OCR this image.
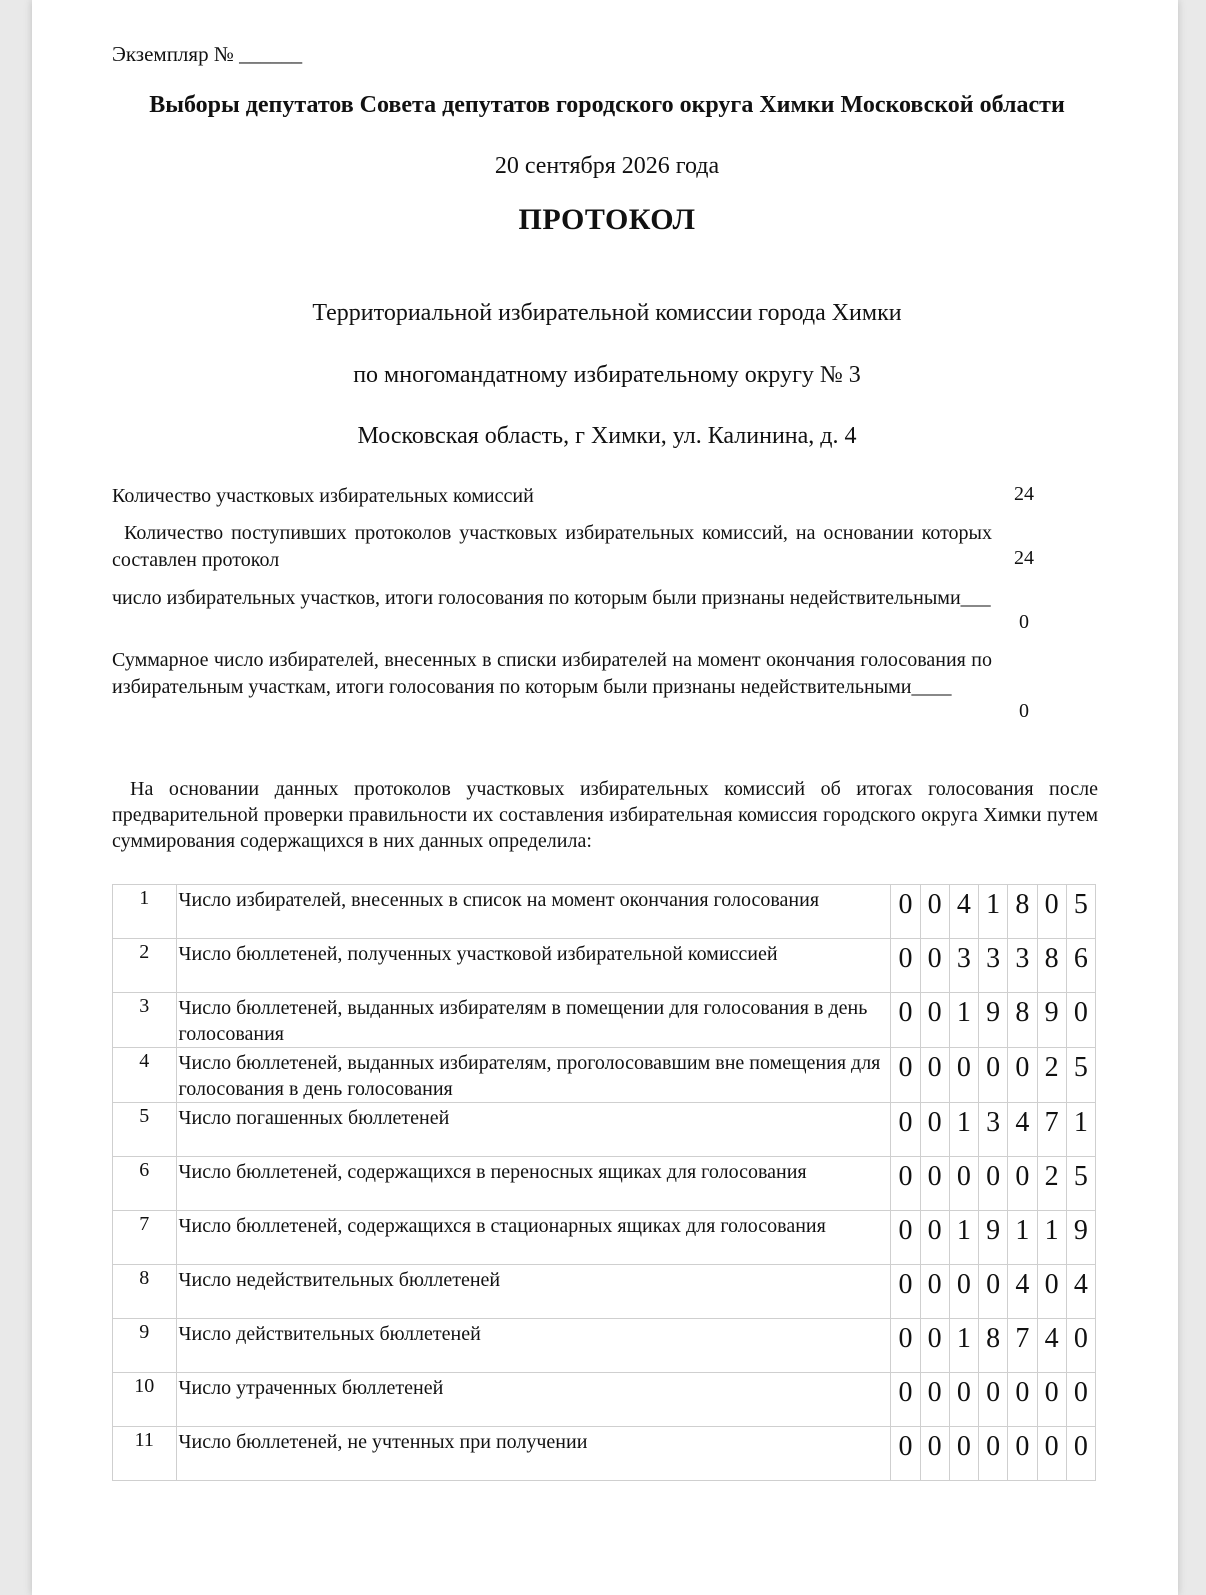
Экземпляр № ______
Выборы депутатов Совета депутатов городского округа Химки Московской области
20 сентября 2026 года
ПРОТОКОЛ
Территориальной избирательной комиссии города Химки
по многомандатному избирательному округу № 3
Московская область, г Химки, ул. Калинина, д. 4
Количество участковых избирательных комиссий	24
Количество поступивших протоколов участковых избирательных комиссий, на основании которых составлен протокол	24
число избирательных участков, итоги голосования по которым были признаны недействительными___
0
Суммарное число избирателей, внесенных в списки избирателей на момент окончания голосования по избирательным участкам, итоги голосования по которым были признаны недействительными____
0
На основании данных протоколов участковых избирательных комиссий об итогах голосования после предварительной проверки правильности их составления избирательная комиссия городского округа Химки путем суммирования содержащихся в них данных определила:
1	Число избирателей, внесенных в список на момент окончания голосования	0	0	4	1	8	0	5
2	Число бюллетеней, полученных участковой избирательной комиссией	0	0	3	3	3	8	6
3	Число бюллетеней, выданных избирателям в помещении для голосования в день голосования	0	0	1	9	8	9	0
4	Число бюллетеней, выданных избирателям, проголосовавшим вне помещения для голосования в день голосования	0	0	0	0	0	2	5
5	Число погашенных бюллетеней	0	0	1	3	4	7	1
6	Число бюллетеней, содержащихся в переносных ящиках для голосования	0	0	0	0	0	2	5
7	Число бюллетеней, содержащихся в стационарных ящиках для голосования	0	0	1	9	1	1	9
8	Число недействительных бюллетеней	0	0	0	0	4	0	4
9	Число действительных бюллетеней	0	0	1	8	7	4	0
10	Число утраченных бюллетеней	0	0	0	0	0	0	0
11	Число бюллетеней, не учтенных при получении	0	0	0	0	0	0	0
